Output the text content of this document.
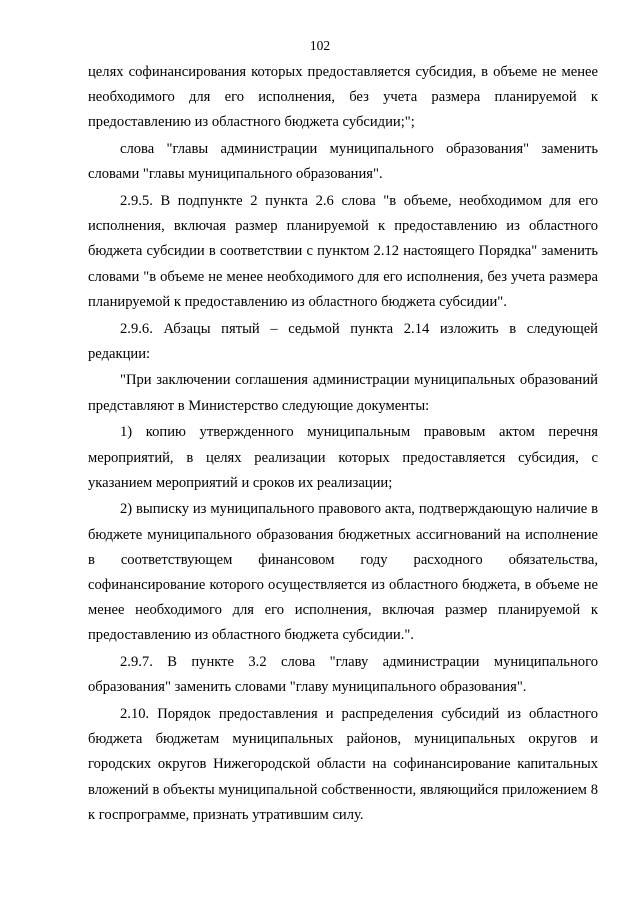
102

целях софинансирования которых предоставляется субсидия, в объеме не менее необходимого для его исполнения, без учета размера планируемой к предоставлению из областного бюджета субсидии;";

слова "главы администрации муниципального образования" заменить словами "главы муниципального образования".

2.9.5. В подпункте 2 пункта 2.6 слова "в объеме, необходимом для его исполнения, включая размер планируемой к предоставлению из областного бюджета субсидии в соответствии с пунктом 2.12 настоящего Порядка" заменить словами "в объеме не менее необходимого для его исполнения, без учета размера планируемой к предоставлению из областного бюджета субсидии".

2.9.6. Абзацы пятый – седьмой пункта 2.14 изложить в следующей редакции:

"При заключении соглашения администрации муниципальных образований представляют в Министерство следующие документы:

1) копию утвержденного муниципальным правовым актом перечня мероприятий, в целях реализации которых предоставляется субсидия, с указанием мероприятий и сроков их реализации;

2) выписку из муниципального правового акта, подтверждающую наличие в бюджете муниципального образования бюджетных ассигнований на исполнение в соответствующем финансовом году расходного обязательства, софинансирование которого осуществляется из областного бюджета, в объеме не менее необходимого для его исполнения, включая размер планируемой к предоставлению из областного бюджета субсидии.".

2.9.7. В пункте 3.2 слова "главу администрации муниципального образования" заменить словами "главу муниципального образования".

2.10. Порядок предоставления и распределения субсидий из областного бюджета бюджетам муниципальных районов, муниципальных округов и городских округов Нижегородской области на софинансирование капитальных вложений в объекты муниципальной собственности, являющийся приложением 8 к госпрограмме, признать утратившим силу.
